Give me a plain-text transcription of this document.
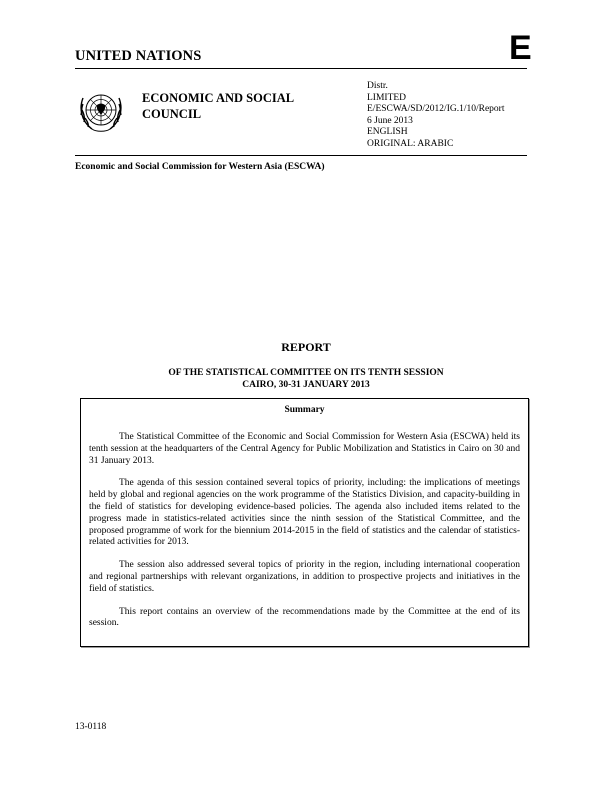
UNITED NATIONS	E
ECONOMIC AND SOCIAL
COUNCIL
Distr.
LIMITED
E/ESCWA/SD/2012/IG.1/10/Report
6 June 2013
ENGLISH
ORIGINAL: ARABIC
Economic and Social Commission for Western Asia (ESCWA)
REPORT
OF THE STATISTICAL COMMITTEE ON ITS TENTH SESSION
CAIRO, 30-31 JANUARY 2013
Summary

The Statistical Committee of the Economic and Social Commission for Western Asia (ESCWA) held its tenth session at the headquarters of the Central Agency for Public Mobilization and Statistics in Cairo on 30 and 31 January 2013.

The agenda of this session contained several topics of priority, including: the implications of meetings held by global and regional agencies on the work programme of the Statistics Division, and capacity-building in the field of statistics for developing evidence-based policies. The agenda also included items related to the progress made in statistics-related activities since the ninth session of the Statistical Committee, and the proposed programme of work for the biennium 2014-2015 in the field of statistics and the calendar of statistics-related activities for 2013.

The session also addressed several topics of priority in the region, including international cooperation and regional partnerships with relevant organizations, in addition to prospective projects and initiatives in the field of statistics.

This report contains an overview of the recommendations made by the Committee at the end of its session.

13-0118
